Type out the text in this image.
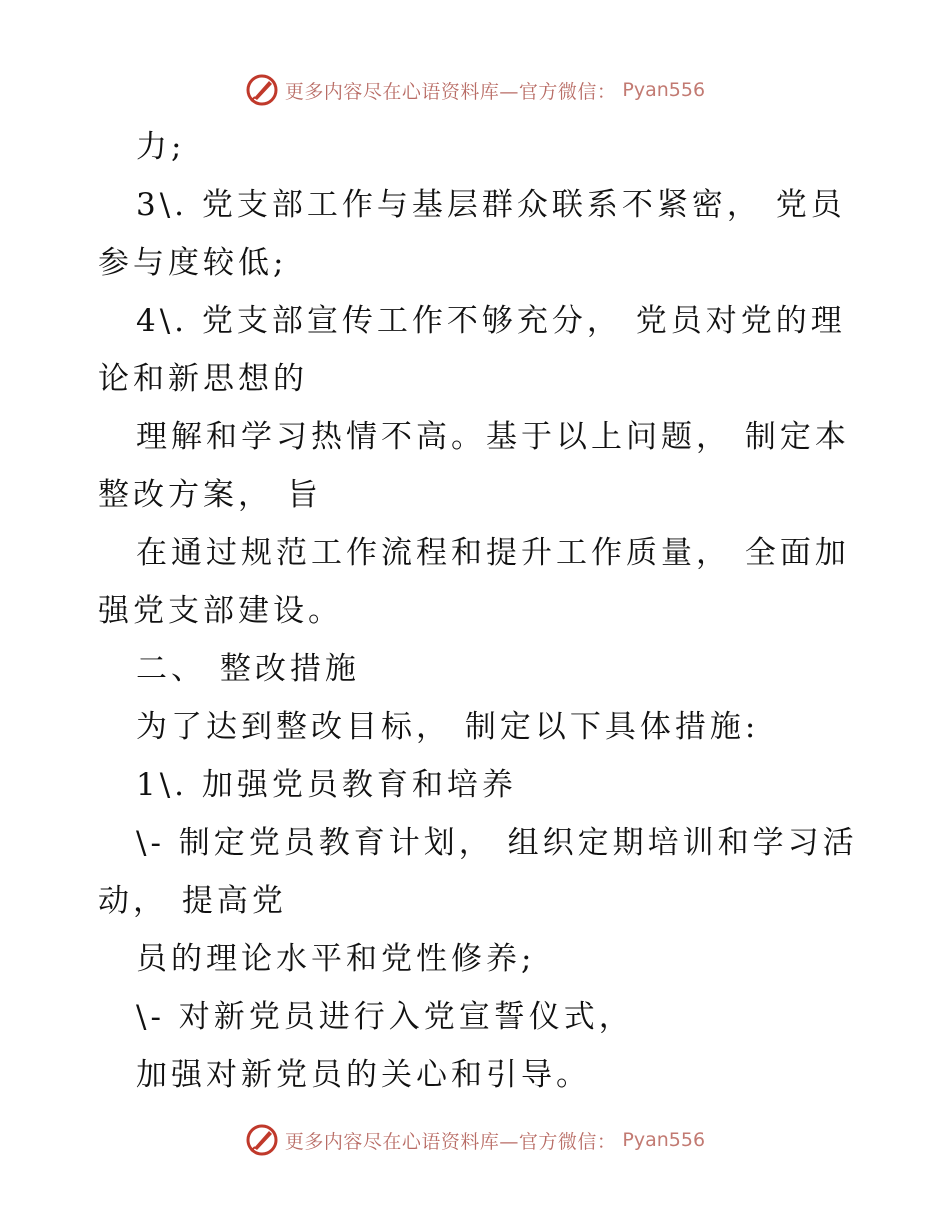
更多内容尽在心语资料库—官方微信： Pyan556
力;
3\. 党支部工作与基层群众联系不紧密， 党员
参与度较低;
4\. 党支部宣传工作不够充分， 党员对党的理
论和新思想的
理解和学习热情不高。基于以上问题， 制定本
整改方案， 旨
在通过规范工作流程和提升工作质量， 全面加
强党支部建设。
二、 整改措施
为了达到整改目标， 制定以下具体措施:
1\. 加强党员教育和培养
\- 制定党员教育计划， 组织定期培训和学习活
动， 提高党
员的理论水平和党性修养;
\- 对新党员进行入党宣誓仪式，
加强对新党员的关心和引导。
更多内容尽在心语资料库—官方微信： Pyan556
